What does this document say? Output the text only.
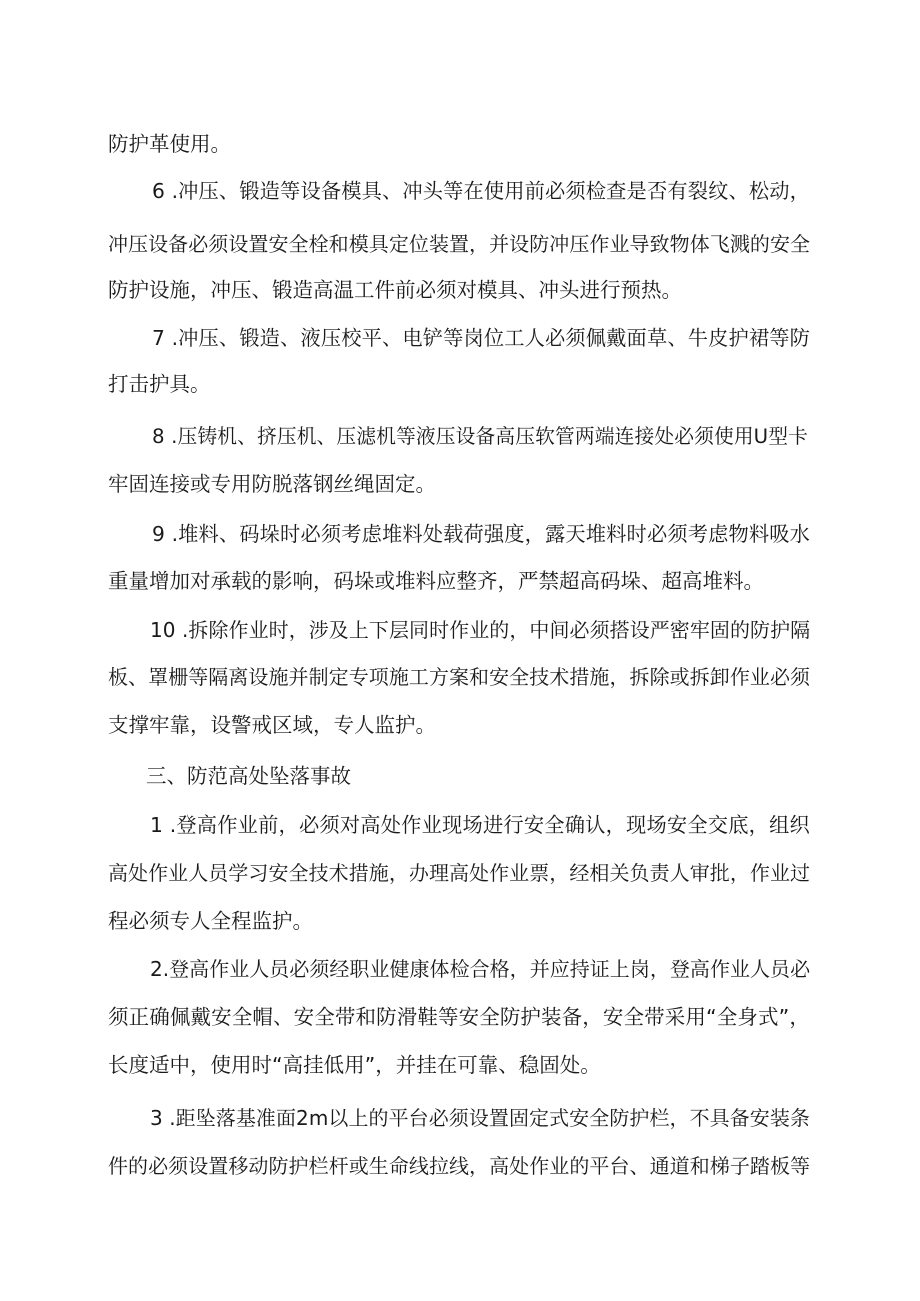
防护革使用。
6 .冲压、锻造等设备模具、冲头等在使用前必须检查是否有裂纹、松动，
冲压设备必须设置安全栓和模具定位装置，并设防冲压作业导致物体飞溅的安全
防护设施，冲压、锻造高温工件前必须对模具、冲头进行预热。
7 .冲压、锻造、液压校平、电铲等岗位工人必须佩戴面草、牛皮护裙等防
打击护具。
8 .压铸机、挤压机、压滤机等液压设备高压软管两端连接处必须使用U型卡
牢固连接或专用防脱落钢丝绳固定。
9 .堆料、码垛时必须考虑堆料处载荷强度，露天堆料时必须考虑物料吸水
重量增加对承载的影响，码垛或堆料应整齐，严禁超高码垛、超高堆料。
10 .拆除作业时，涉及上下层同时作业的，中间必须搭设严密牢固的防护隔
板、罩栅等隔离设施并制定专项施工方案和安全技术措施，拆除或拆卸作业必须
支撑牢靠，设警戒区域，专人监护。
三、防范高处坠落事故
1 .登高作业前，必须对高处作业现场进行安全确认，现场安全交底，组织
高处作业人员学习安全技术措施，办理高处作业票，经相关负责人审批，作业过
程必须专人全程监护。
2.登高作业人员必须经职业健康体检合格，并应持证上岗，登高作业人员必
须正确佩戴安全帽、安全带和防滑鞋等安全防护装备，安全带采用“全身式”，
长度适中，使用时“高挂低用”，并挂在可靠、稳固处。
3 .距坠落基准面2m以上的平台必须设置固定式安全防护栏，不具备安装条
件的必须设置移动防护栏杆或生命线拉线，高处作业的平台、通道和梯子踏板等
